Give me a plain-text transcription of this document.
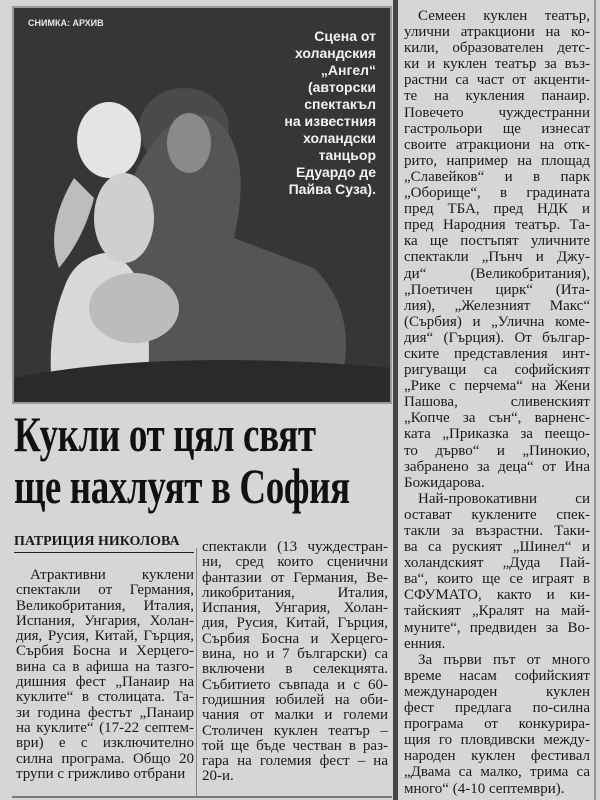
СНИМКА: АРХИВ
Сцена от
холандския
„Ангел“
(авторски
спектакъл
на известния
холандски
танцьор
Едуардо де
Пайва Суза).
Кукли от цял свят
ще нахлуят в София
ПАТРИЦИЯ НИКОЛОВА
Атрактивни куклени
спектакли от Германия,
Великобритания, Италия,
Испания, Унгария, Холан-
дия, Русия, Китай, Гърция,
Сърбия Босна и Херцего-
вина са в афиша на тазго-
дишния фест „Панаир на
куклите“ в столицата. Та-
зи година фестът „Панаир
на куклите“ (17-22 септем-
ври) е с изключително
силна програма. Общо 20
трупи с грижливо отбрани
спектакли (13 чуждестран-
ни, сред които сценични
фантазии от Германия, Ве-
ликобритания, Италия,
Испания, Унгария, Холан-
дия, Русия, Китай, Гърция,
Сърбия Босна и Херцего-
вина, но и 7 български) са
включени в селекцията.
Събитието съвпада и с 60-
годишния юбилей на оби-
чания от малки и големи
Столичен куклен театър –
той ще бъде честван в раз-
гара на големия фест – на
20-и.
Семеен куклен театър,
улични атракциони на ко-
кили, образователен детс-
ки и куклен театър за въз-
растни са част от акценти-
те на кукления панаир.
Повечето чуждестранни
гастрольори ще изнесат
своите атракциони на отк-
рито, например на площад
„Славейков“ и в парк
„Оборище“, в градината
пред ТБА, пред НДК и
пред Народния театър. Та-
ка ще постъпят уличните
спектакли „Пънч и Джу-
ди“ (Великобритания),
„Поетичен цирк“ (Ита-
лия), „Железният Макс“
(Сърбия) и „Улична коме-
дия“ (Гърция). От българ-
ските представления инт-
ригуващи са софийският
„Рике с перчема“ на Жени
Пашова, сливенският
„Копче за сън“, варненс-
ката „Приказка за пеещо-
то дърво“ и „Пинокио,
забранено за деца“ от Ина
Божидарова.
Най-провокативни си
остават куклените спек-
такли за възрастни. Таки-
ва са руският „Шинел“ и
холандският „Дуда Пай-
ва“, които ще се играят в
СФУМАТО, както и ки-
тайският „Кралят на май-
муните“, предвиден за Во-
енния.
За първи път от много
време насам софийският
международен куклен
фест предлага по-силна
програма от конкурира-
щия го пловдивски между-
народен куклен фестивал
„Двама са малко, трима са
много“ (4-10 септември).
